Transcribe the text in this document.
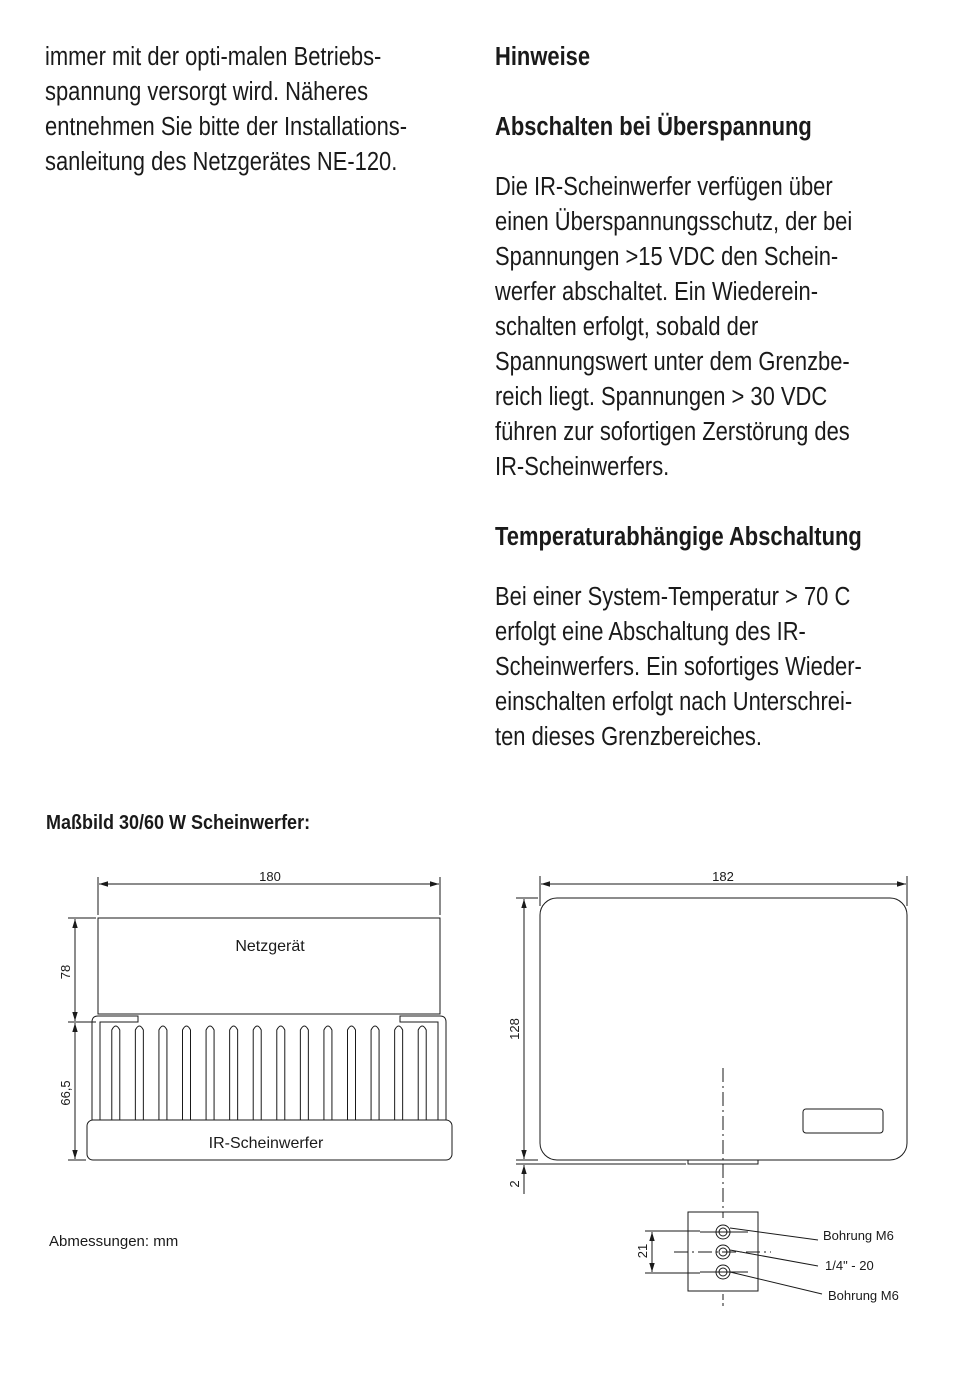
immer mit der opti-malen Betriebs-
spannung versorgt wird. Näheres
entnehmen Sie bitte der Installations-
sanleitung des Netzgerätes NE-120.

Hinweise
Abschalten bei Überspannung

Die IR-Scheinwerfer verfügen über
einen Überspannungsschutz, der bei
Spannungen >15 VDC den Schein-
werfer abschaltet. Ein Wiederein-
schalten erfolgt, sobald der
Spannungswert unter dem Grenzbe-
reich liegt. Spannungen > 30 VDC
führen zur sofortigen Zerstörung des
IR-Scheinwerfers.

Temperaturabhängige Abschaltung

Bei einer System-Temperatur > 70 C
erfolgt eine Abschaltung des IR-
Scheinwerfers. Ein sofortiges Wieder-
einschalten erfolgt nach Unterschrei-
ten dieses Grenzbereiches.

Maßbild 30/60 W Scheinwerfer:

180
Netzgerät
IR-Scheinwerfer
78
66,5
182
128
2
21
Bohrung M6
1/4" - 20
Bohrung M6
Abmessungen: mm
